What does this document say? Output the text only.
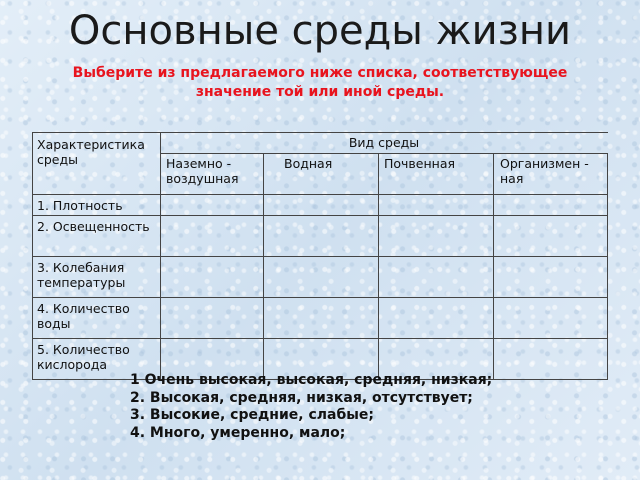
Основные среды жизни
Выберите из предлагаемого ниже списка, соответствующее значение той или иной среды.
Характеристика среды
Вид среды
Наземно - воздушная
Водная	Почвенная	Организмен - ная
1. Плотность
2. Освещенность
3. Колебания температуры
4. Количество воды
5. Количество кислорода
1 Очень высокая, высокая, средняя, низкая;
2. Высокая, средняя, низкая, отсутствует;
3. Высокие, средние, слабые;
4. Много, умеренно, мало;
